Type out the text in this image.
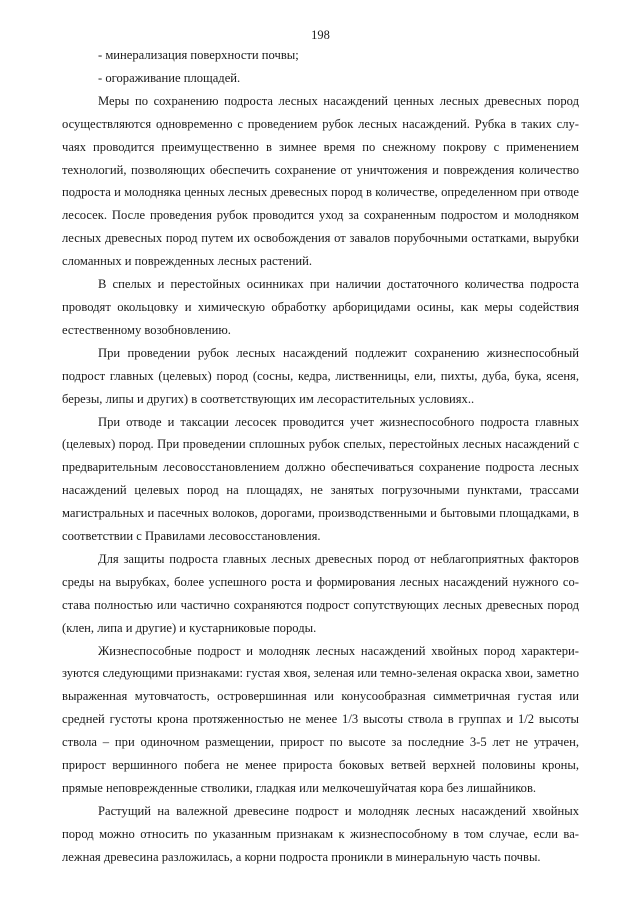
198

- минерализация поверхности почвы;

- огораживание площадей.

Меры по сохранению подроста лесных насаждений ценных лесных древесных пород осуществляются одновременно с проведением рубок лесных насаждений. Рубка в таких случаях проводится преимущественно в зимнее время по снежному покрову с применением технологий, позволяющих обеспечить сохранение от уничтожения и повреждения количество подроста и молодняка ценных лесных древесных пород в количестве, определенном при отводе лесосек. После проведения рубок проводится уход за сохраненным подростом и молодняком лесных древесных пород путем их освобождения от завалов порубочными остатками, вырубки сломанных и поврежденных лесных растений.

В спелых и перестойных осинниках при наличии достаточного количества подроста проводят окольцовку и химическую обработку арборицидами осины, как меры содействия естественному возобновлению.

При проведении рубок лесных насаждений подлежит сохранению жизнеспособный подрост главных (целевых) пород (сосны, кедра, лиственницы, ели, пихты, дуба, бука, ясеня, березы, липы и других) в соответствующих им лесорастительных условиях..

При отводе и таксации лесосек проводится учет жизнеспособного подроста главных (целевых) пород. При проведении сплошных рубок спелых, перестойных лесных насаждений с предварительным лесовосстановлением должно обеспечиваться сохранение подроста лесных насаждений целевых пород на площадях, не занятых погрузочными пунктами, трассами магистральных и пасечных волоков, дорогами, производственными и бытовыми площадками, в соответствии с Правилами лесовосстановления.

Для защиты подроста главных лесных древесных пород от неблагоприятных факторов среды на вырубках, более успешного роста и формирования лесных насаждений нужного состава полностью или частично сохраняются подрост сопутствующих лесных древесных пород (клен, липа и другие) и кустарниковые породы.

Жизнеспособные подрост и молодняк лесных насаждений хвойных пород характеризуются следующими признаками: густая хвоя, зеленая или темно-зеленая окраска хвои, заметно выраженная мутовчатость, островершинная или конусообразная симметричная густая или средней густоты крона протяженностью не менее 1/3 высоты ствола в группах и 1/2 высоты ствола – при одиночном размещении, прирост по высоте за последние 3-5 лет не утрачен, прирост вершинного побега не менее прироста боковых ветвей верхней половины кроны, прямые неповрежденные стволики, гладкая или мелкочешуйчатая кора без лишайников.

Растущий на валежной древесине подрост и молодняк лесных насаждений хвойных пород можно относить по указанным признакам к жизнеспособному в том случае, если валежная древесина разложилась, а корни подроста проникли в минеральную часть почвы.
